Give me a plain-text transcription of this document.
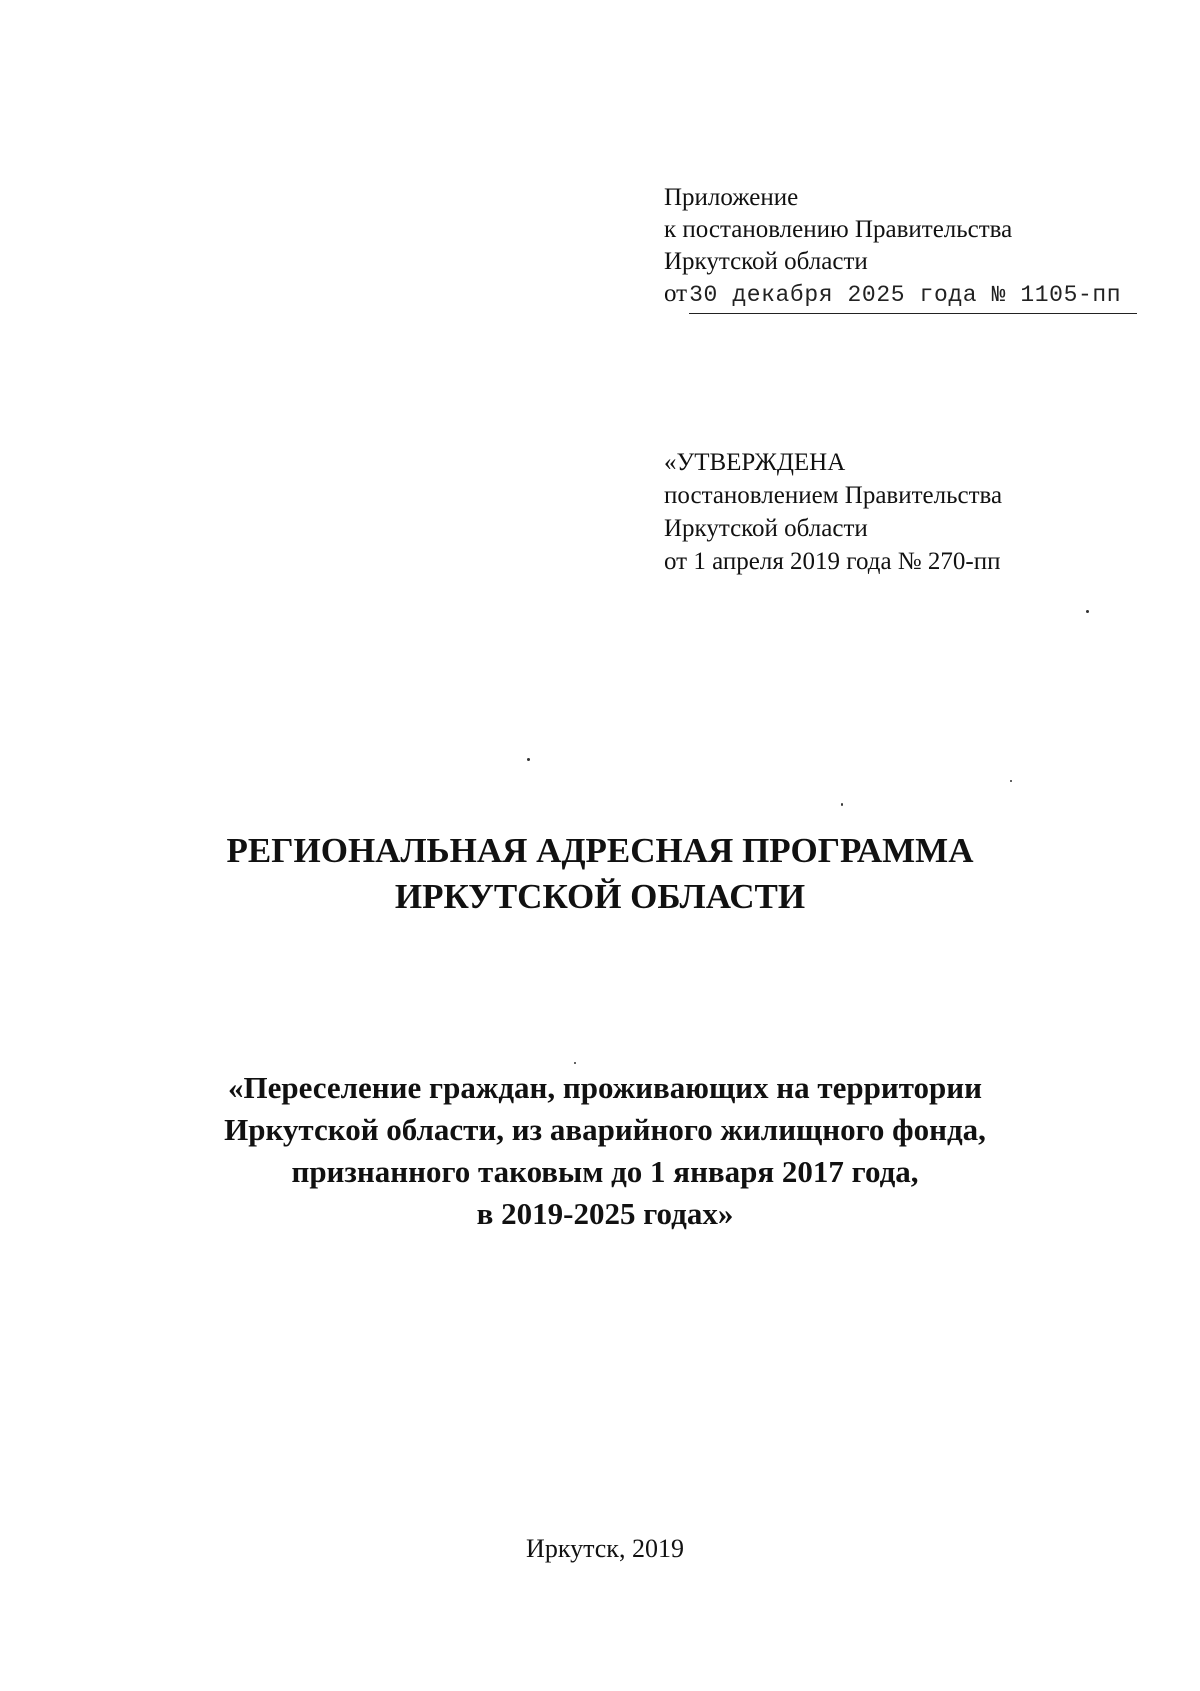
Приложение
к постановлению Правительства
Иркутской области
от 30 декабря 2025 года № 1105-пп
«УТВЕРЖДЕНА
постановлением Правительства
Иркутской области
от 1 апреля 2019 года № 270-пп
РЕГИОНАЛЬНАЯ АДРЕСНАЯ ПРОГРАММА
ИРКУТСКОЙ ОБЛАСТИ
«Переселение граждан, проживающих на территории
Иркутской области, из аварийного жилищного фонда,
признанного таковым до 1 января 2017 года,
в 2019-2025 годах»
Иркутск, 2019
